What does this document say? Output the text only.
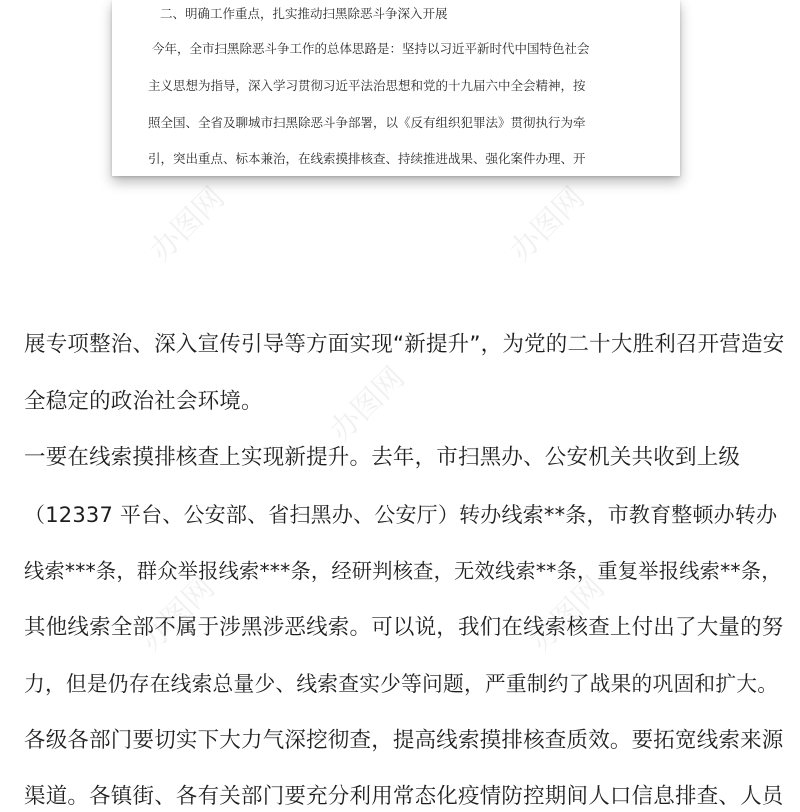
二、明确工作重点，扎实推动扫黑除恶斗争深入开展
今年，全市扫黑除恶斗争工作的总体思路是：坚持以习近平新时代中国特色社会
主义思想为指导，深入学习贯彻习近平法治思想和党的十九届六中全会精神，按
照全国、全省及聊城市扫黑除恶斗争部署，以《反有组织犯罪法》贯彻执行为牵
引，突出重点、标本兼治，在线索摸排核查、持续推进战果、强化案件办理、开
办图网	办图网
办图网
办图网	办图网
展专项整治、深入宣传引导等方面实现“新提升”，为党的二十大胜利召开营造安
全稳定的政治社会环境。
一要在线索摸排核查上实现新提升。去年，市扫黑办、公安机关共收到上级
（12337 平台、公安部、省扫黑办、公安厅）转办线索**条，市教育整顿办转办
线索***条，群众举报线索***条，经研判核查，无效线索**条，重复举报线索**条，
其他线索全部不属于涉黑涉恶线索。可以说，我们在线索核查上付出了大量的努
力，但是仍存在线索总量少、线索查实少等问题，严重制约了战果的巩固和扩大。
各级各部门要切实下大力气深挖彻查，提高线索摸排核查质效。要拓宽线索来源
渠道。各镇街、各有关部门要充分利用常态化疫情防控期间人口信息排查、人员
